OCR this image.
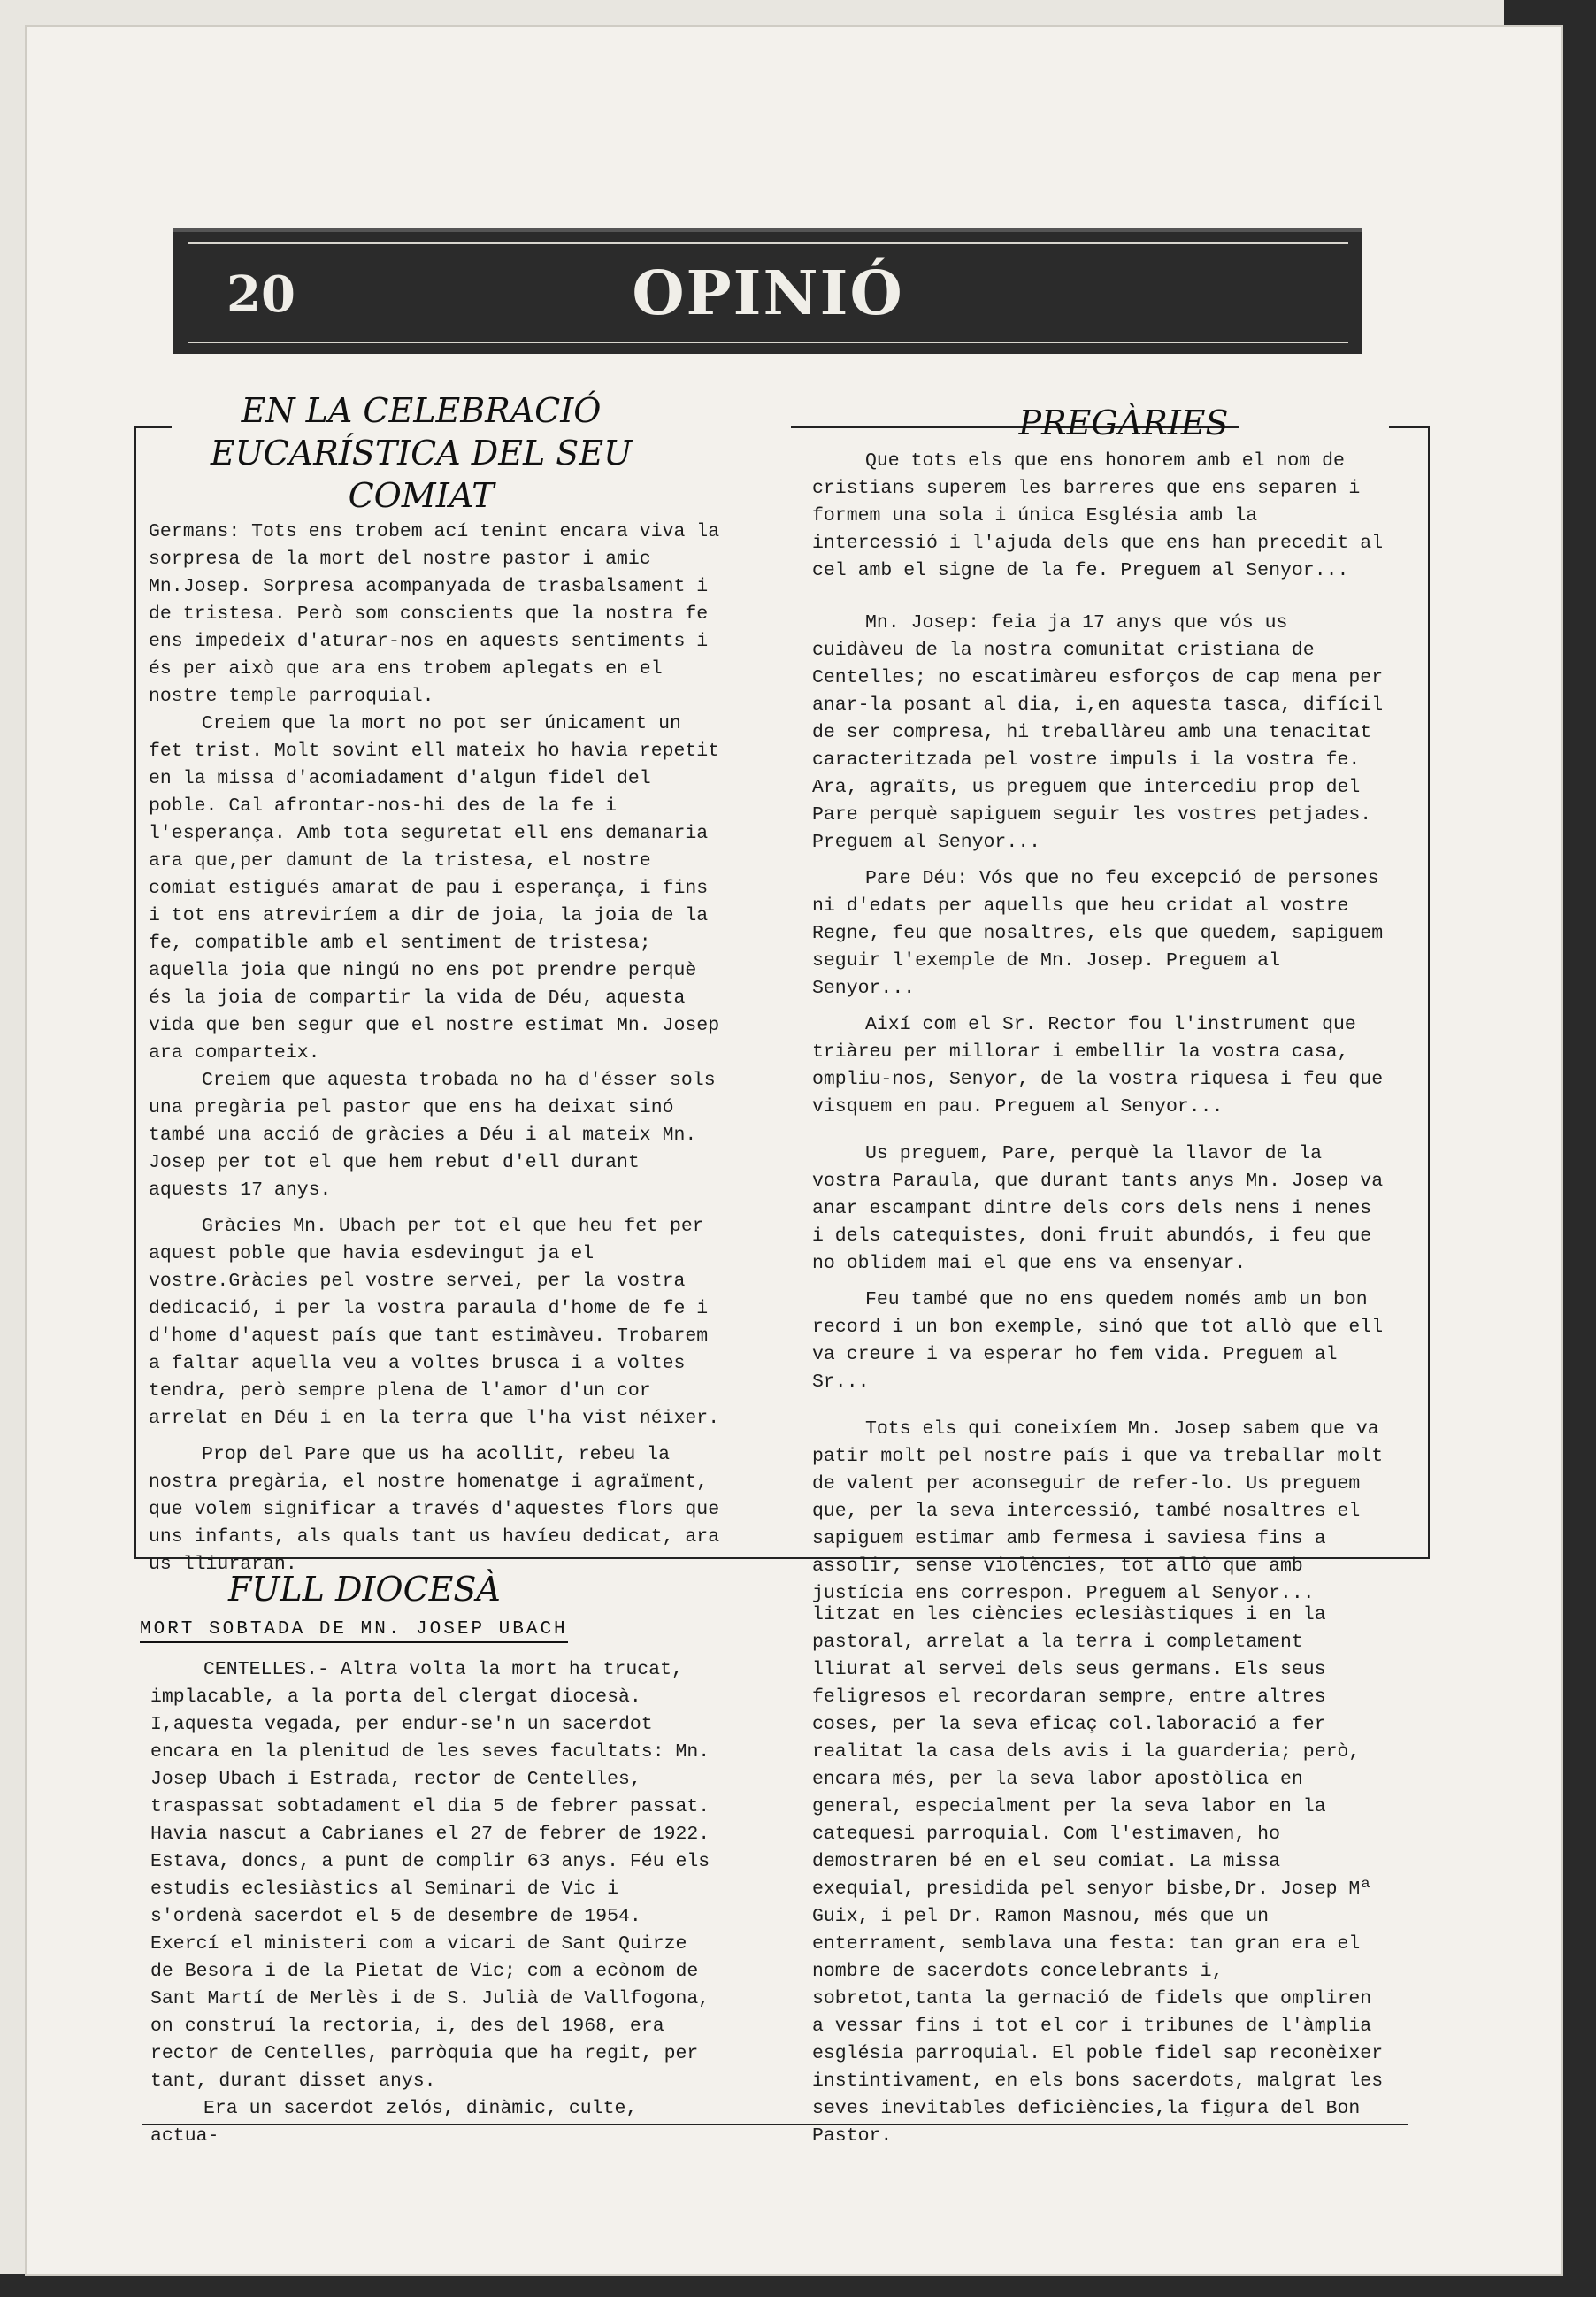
20	OPINIÓ
EN LA CELEBRACIÓ EUCARÍSTICA DEL SEU COMIAT
PREGÀRIES

Germans: Tots ens trobem ací tenint encara viva la sorpresa de la mort del nostre pastor i amic Mn.Josep. Sorpresa acompanyada de trasbalsament i de tristesa. Però som conscients que la nostra fe ens impedeix d'aturar-nos en aquests sentiments i és per això que ara ens trobem aplegats en el nostre temple parroquial.

Creiem que la mort no pot ser únicament un fet trist. Molt sovint ell mateix ho havia repetit en la missa d'acomiadament d'algun fidel del poble. Cal afrontar-nos-hi des de la fe i l'esperança. Amb tota seguretat ell ens demanaria ara que,per damunt de la tristesa, el nostre comiat estigués amarat de pau i esperança, i fins i tot ens atreviríem a dir de joia, la joia de la fe, compatible amb el sentiment de tristesa; aquella joia que ningú no ens pot prendre perquè és la joia de compartir la vida de Déu, aquesta vida que ben segur que el nostre estimat Mn. Josep ara comparteix.

Creiem que aquesta trobada no ha d'ésser sols una pregària pel pastor que ens ha deixat sinó també una acció de gràcies a Déu i al mateix Mn. Josep per tot el que hem rebut d'ell durant aquests 17 anys.

Gràcies Mn. Ubach per tot el que heu fet per aquest poble que havia esdevingut ja el vostre.Gràcies pel vostre servei, per la vostra dedicació, i per la vostra paraula d'home de fe i d'home d'aquest país que tant estimàveu. Trobarem a faltar aquella veu a voltes brusca i a voltes tendra, però sempre plena de l'amor d'un cor arrelat en Déu i en la terra que l'ha vist néixer.

Prop del Pare que us ha acollit, rebeu la nostra pregària, el nostre homenatge i agraïment, que volem significar a través d'aquestes flors que uns infants, als quals tant us havíeu dedicat, ara us lliuraran.

Que tots els que ens honorem amb el nom de cristians superem les barreres que ens separen i formem una sola i única Església amb la intercessió i l'ajuda dels que ens han precedit al cel amb el signe de la fe. Preguem al Senyor...

Mn. Josep: feia ja 17 anys que vós us cuidàveu de la nostra comunitat cristiana de Centelles; no escatimàreu esforços de cap mena per anar-la posant al dia, i,en aquesta tasca, difícil de ser compresa, hi treballàreu amb una tenacitat caracteritzada pel vostre impuls i la vostra fe. Ara, agraïts, us preguem que intercediu prop del Pare perquè sapiguem seguir les vostres petjades. Preguem al Senyor...

Pare Déu: Vós que no feu excepció de persones ni d'edats per aquells que heu cridat al vostre Regne, feu que nosaltres, els que quedem, sapiguem seguir l'exemple de Mn. Josep. Preguem al Senyor...

Així com el Sr. Rector fou l'instrument que triàreu per millorar i embellir la vostra casa, ompliu-nos, Senyor, de la vostra riquesa i feu que visquem en pau. Preguem al Senyor...

Us preguem, Pare, perquè la llavor de la vostra Paraula, que durant tants anys Mn. Josep va anar escampant dintre dels cors dels nens i nenes i dels catequistes, doni fruit abundós, i feu que no oblidem mai el que ens va ensenyar.

Feu també que no ens quedem només amb un bon record i un bon exemple, sinó que tot allò que ell va creure i va esperar ho fem vida. Preguem al Sr...

Tots els qui coneixíem Mn. Josep sabem que va patir molt pel nostre país i que va treballar molt de valent per aconseguir de refer-lo. Us preguem que, per la seva intercessió, també nosaltres el sapiguem estimar amb fermesa i saviesa fins a assolir, sense violències, tot allò que amb justícia ens correspon. Preguem al Senyor...

FULL DIOCESÀ
MORT SOBTADA DE MN. JOSEP UBACH

CENTELLES.- Altra volta la mort ha trucat, implacable, a la porta del clergat diocesà. I,aquesta vegada, per endur-se'n un sacerdot encara en la plenitud de les seves facultats: Mn. Josep Ubach i Estrada, rector de Centelles, traspassat sobtadament el dia 5 de febrer passat. Havia nascut a Cabrianes el 27 de febrer de 1922. Estava, doncs, a punt de complir 63 anys. Féu els estudis eclesiàstics al Seminari de Vic i s'ordenà sacerdot el 5 de desembre de 1954. Exercí el ministeri com a vicari de Sant Quirze de Besora i de la Pietat de Vic; com a ecònom de Sant Martí de Merlès i de S. Julià de Vallfogona, on construí la rectoria, i, des del 1968, era rector de Centelles, parròquia que ha regit, per tant, durant disset anys.

Era un sacerdot zelós, dinàmic, culte, actua-

litzat en les ciències eclesiàstiques i en la pastoral, arrelat a la terra i completament lliurat al servei dels seus germans. Els seus feligresos el recordaran sempre, entre altres coses, per la seva eficaç col.laboració a fer realitat la casa dels avis i la guarderia; però, encara més, per la seva labor apostòlica en general, especialment per la seva labor en la catequesi parroquial. Com l'estimaven, ho demostraren bé en el seu comiat. La missa exequial, presidida pel senyor bisbe,Dr. Josep Mª Guix, i pel Dr. Ramon Masnou, més que un enterrament, semblava una festa: tan gran era el nombre de sacerdots concelebrants i, sobretot,tanta la gernació de fidels que ompliren a vessar fins i tot el cor i tribunes de l'àmplia església parroquial. El poble fidel sap reconèixer instintivament, en els bons sacerdots, malgrat les seves inevitables deficiències,la figura del Bon Pastor.
